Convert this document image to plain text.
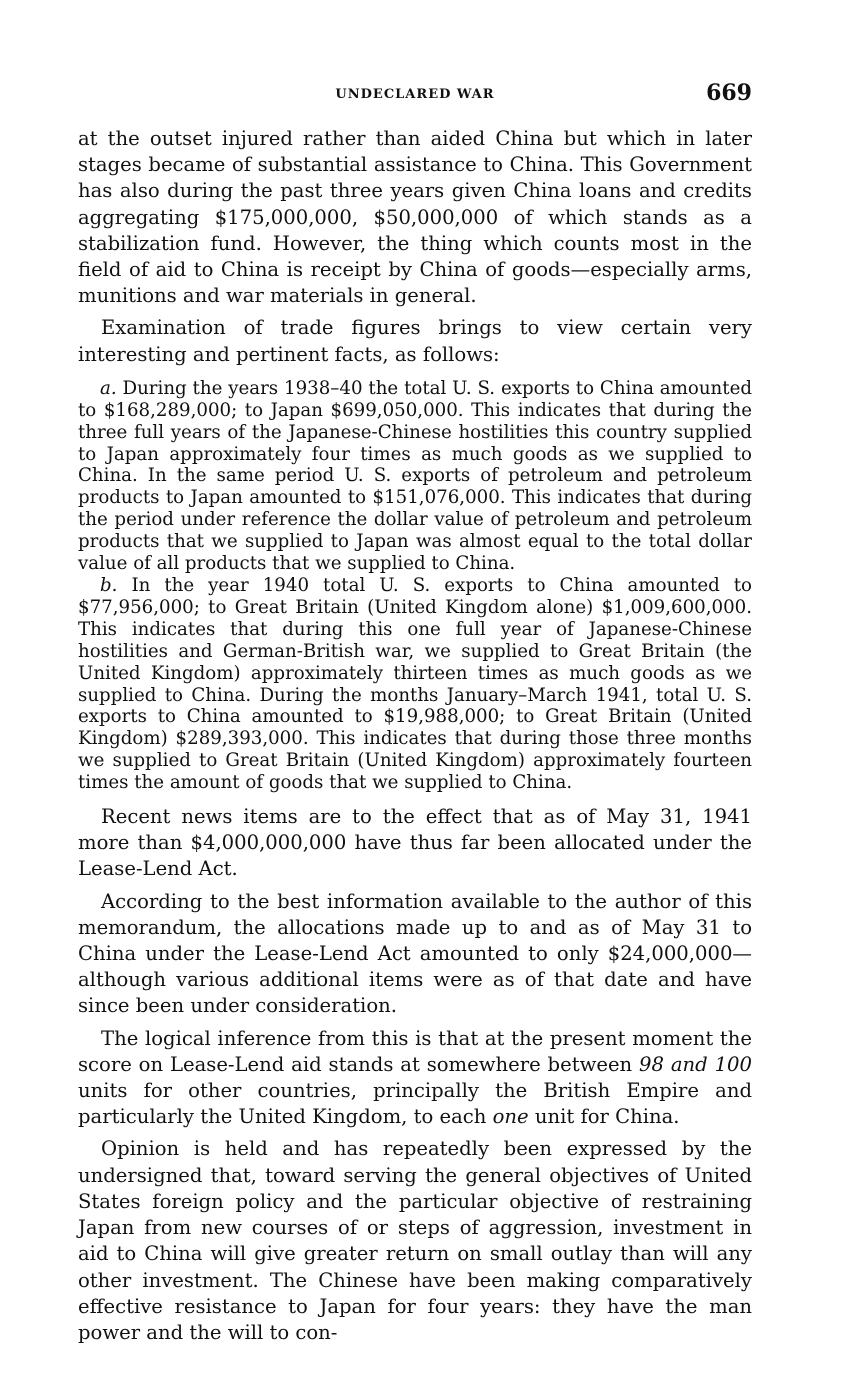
UNDECLARED WAR	669

at the outset injured rather than aided China but which in later stages became of substantial assistance to China. This Government has also during the past three years given China loans and credits aggregating $175,000,000, $50,000,000 of which stands as a stabilization fund. However, the thing which counts most in the field of aid to China is receipt by China of goods—especially arms, munitions and war materials in general.

Examination of trade figures brings to view certain very interesting and pertinent facts, as follows:

a. During the years 1938–40 the total U. S. exports to China amounted to $168,289,000; to Japan $699,050,000. This indicates that during the three full years of the Japanese-Chinese hostilities this country supplied to Japan approximately four times as much goods as we supplied to China. In the same period U. S. exports of petroleum and petroleum products to Japan amounted to $151,076,000. This indicates that during the period under reference the dollar value of petroleum and petroleum products that we supplied to Japan was almost equal to the total dollar value of all products that we supplied to China.

b. In the year 1940 total U. S. exports to China amounted to $77,956,000; to Great Britain (United Kingdom alone) $1,009,600,000. This indicates that during this one full year of Japanese-Chinese hostilities and German-British war, we supplied to Great Britain (the United Kingdom) approximately thirteen times as much goods as we supplied to China. During the months January–March 1941, total U. S. exports to China amounted to $19,988,000; to Great Britain (United Kingdom) $289,393,000. This indicates that during those three months we supplied to Great Britain (United Kingdom) approximately fourteen times the amount of goods that we supplied to China.

Recent news items are to the effect that as of May 31, 1941 more than $4,000,000,000 have thus far been allocated under the Lease-Lend Act.

According to the best information available to the author of this memorandum, the allocations made up to and as of May 31 to China under the Lease-Lend Act amounted to only $24,000,000—although various additional items were as of that date and have since been under consideration.

The logical inference from this is that at the present moment the score on Lease-Lend aid stands at somewhere between 98 and 100 units for other countries, principally the British Empire and particularly the United Kingdom, to each one unit for China.

Opinion is held and has repeatedly been expressed by the undersigned that, toward serving the general objectives of United States foreign policy and the particular objective of restraining Japan from new courses of or steps of aggression, investment in aid to China will give greater return on small outlay than will any other investment. The Chinese have been making comparatively effective resistance to Japan for four years: they have the man power and the will to con-
